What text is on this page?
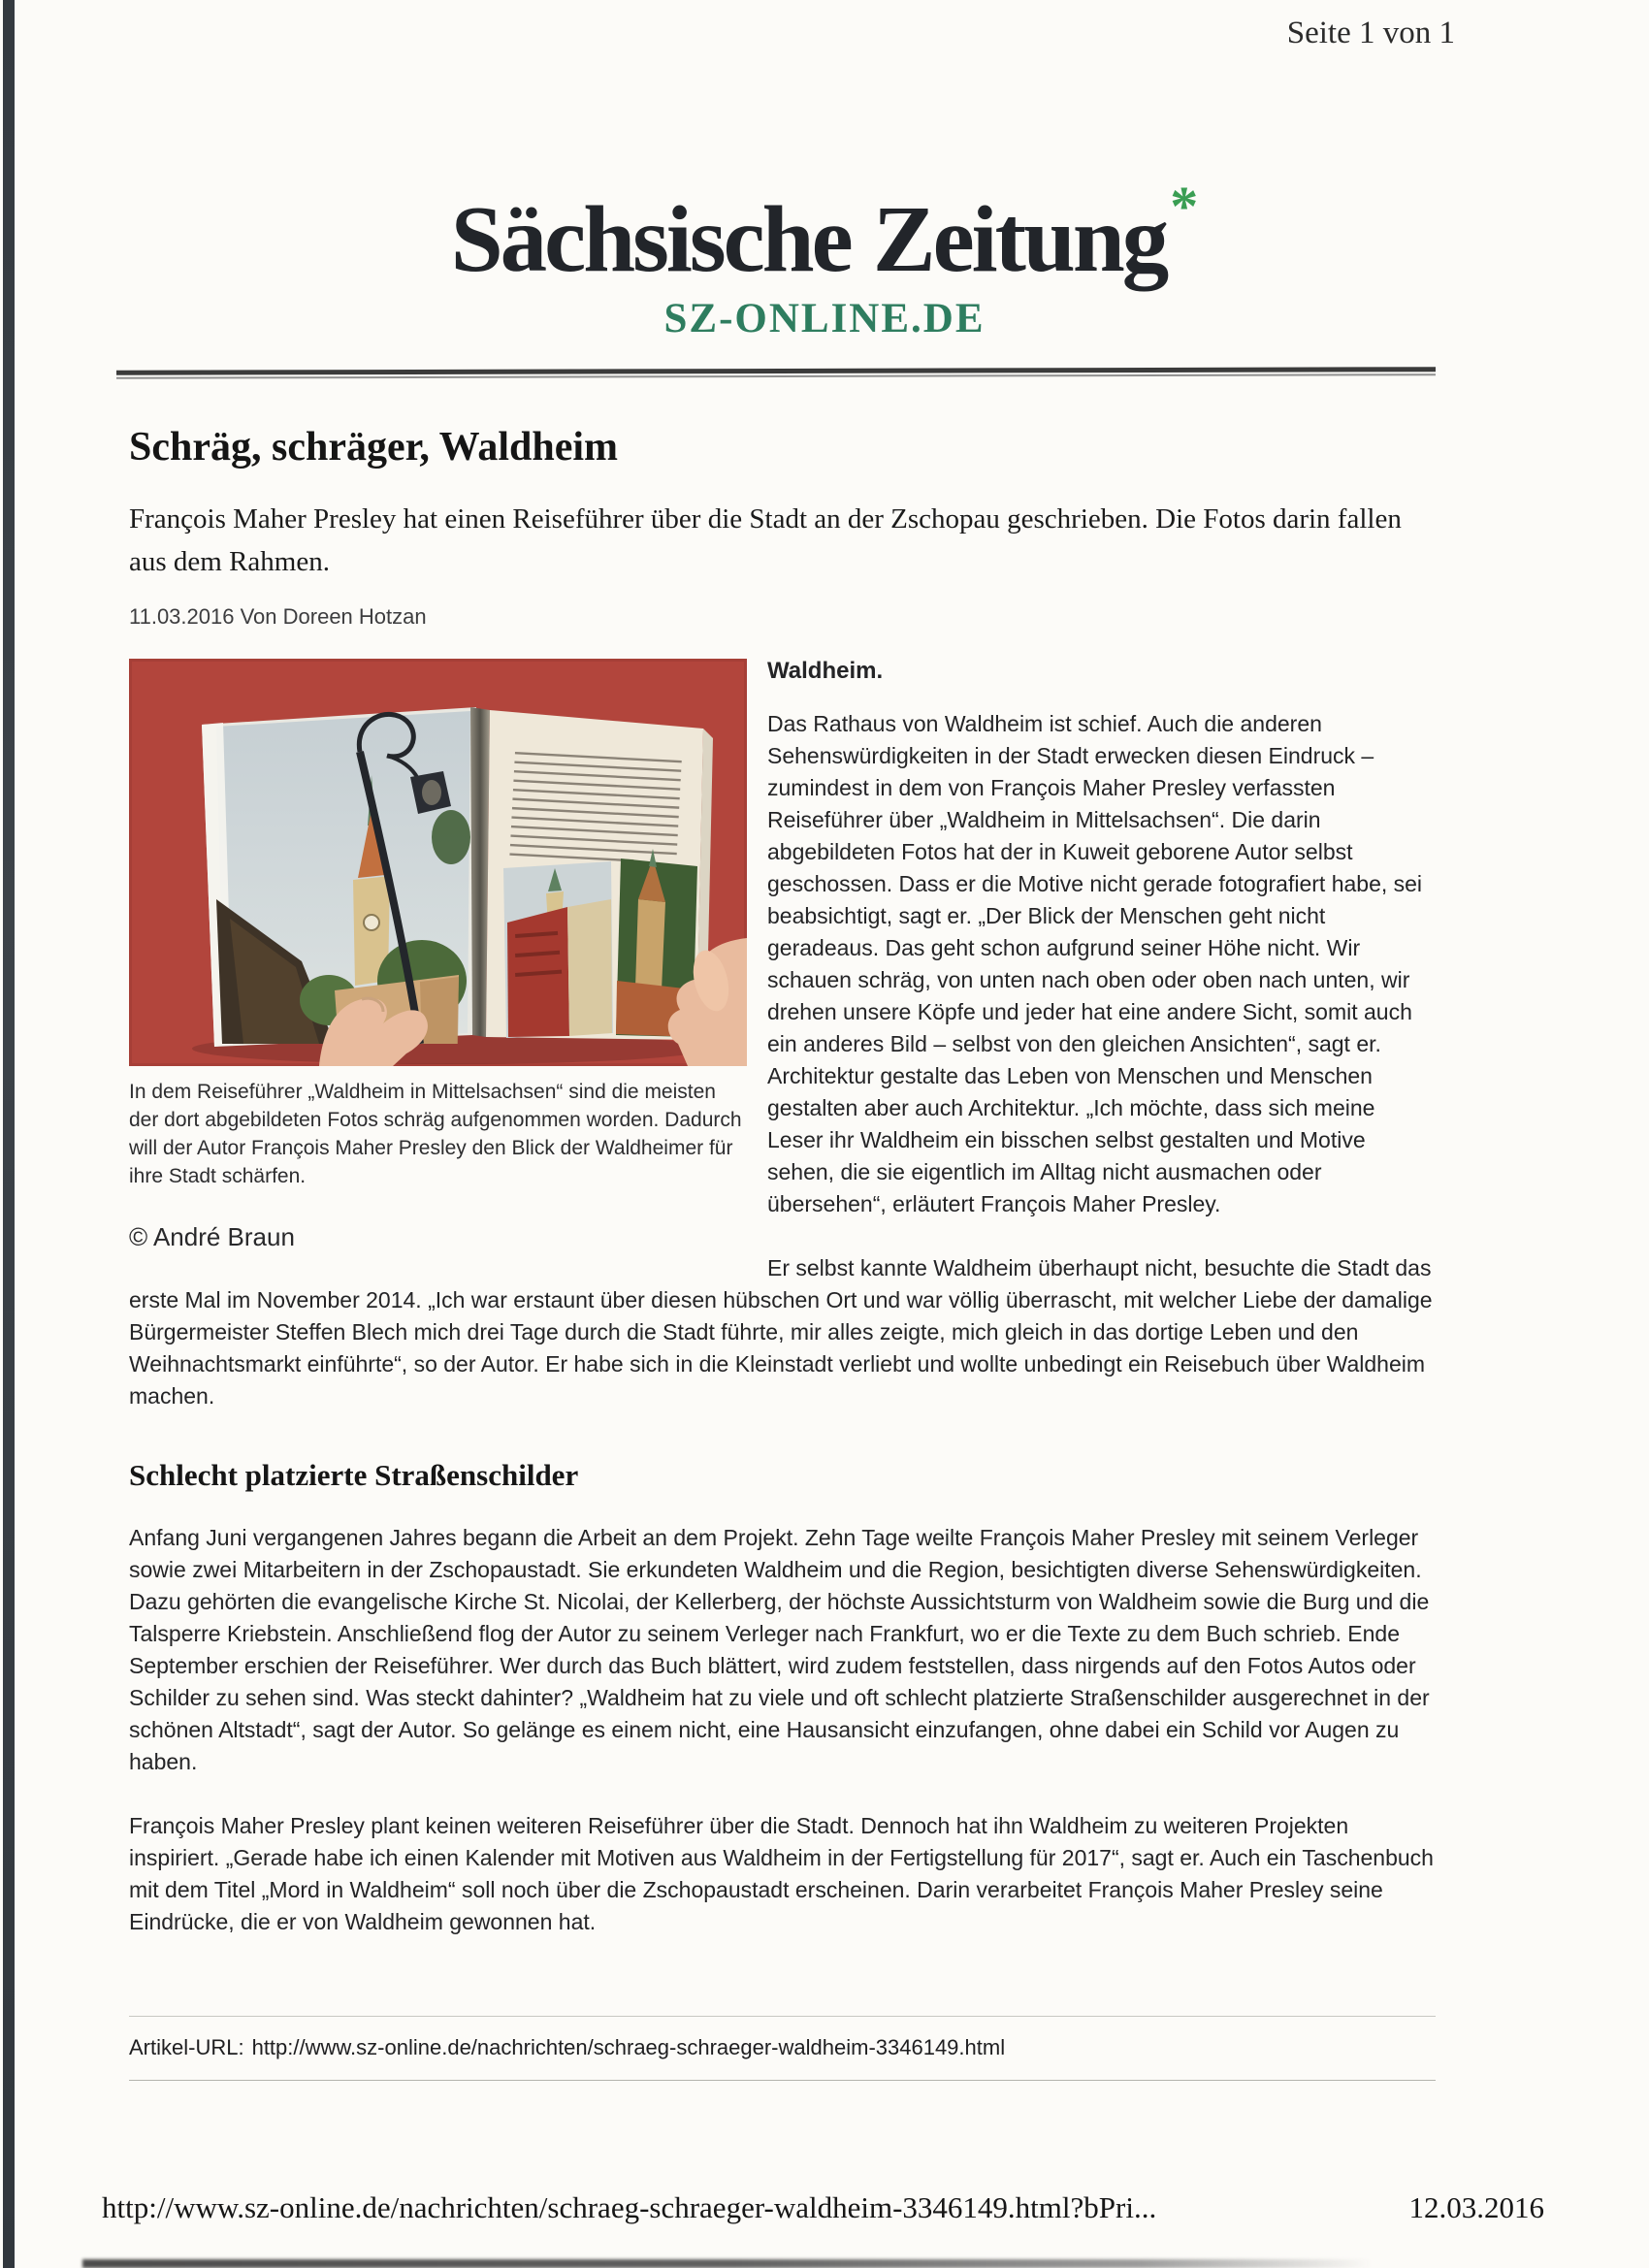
Seite 1 von 1
Sächsische Zeitung*
SZ-ONLINE.DE
Schräg, schräger, Waldheim
François Maher Presley hat einen Reiseführer über die Stadt an der Zschopau geschrieben. Die Fotos darin fallen aus dem Rahmen.
11.03.2016 Von Doreen Hotzan
In dem Reiseführer „Waldheim in Mittelsachsen“ sind die meisten der dort abgebildeten Fotos schräg aufgenommen worden. Dadurch will der Autor François Maher Presley den Blick der Waldheimer für ihre Stadt schärfen.
© André Braun
Waldheim.

Das Rathaus von Waldheim ist schief. Auch die anderen Sehenswürdigkeiten in der Stadt erwecken diesen Eindruck – zumindest in dem von François Maher Presley verfassten Reiseführer über „Waldheim in Mittelsachsen“. Die darin abgebildeten Fotos hat der in Kuweit geborene Autor selbst geschossen. Dass er die Motive nicht gerade fotografiert habe, sei beabsichtigt, sagt er. „Der Blick der Menschen geht nicht geradeaus. Das geht schon aufgrund seiner Höhe nicht. Wir schauen schräg, von unten nach oben oder oben nach unten, wir drehen unsere Köpfe und jeder hat eine andere Sicht, somit auch ein anderes Bild – selbst von den gleichen Ansichten“, sagt er. Architektur gestalte das Leben von Menschen und Menschen gestalten aber auch Architektur. „Ich möchte, dass sich meine Leser ihr Waldheim ein bisschen selbst gestalten und Motive sehen, die sie eigentlich im Alltag nicht ausmachen oder übersehen“, erläutert François Maher Presley.

Er selbst kannte Waldheim überhaupt nicht, besuchte die Stadt das erste Mal im November 2014. „Ich war erstaunt über diesen hübschen Ort und war völlig überrascht, mit welcher Liebe der damalige Bürgermeister Steffen Blech mich drei Tage durch die Stadt führte, mir alles zeigte, mich gleich in das dortige Leben und den Weihnachtsmarkt einführte“, so der Autor. Er habe sich in die Kleinstadt verliebt und wollte unbedingt ein Reisebuch über Waldheim machen.

Schlecht platzierte Straßenschilder

Anfang Juni vergangenen Jahres begann die Arbeit an dem Projekt. Zehn Tage weilte François Maher Presley mit seinem Verleger sowie zwei Mitarbeitern in der Zschopaustadt. Sie erkundeten Waldheim und die Region, besichtigten diverse Sehenswürdigkeiten. Dazu gehörten die evangelische Kirche St. Nicolai, der Kellerberg, der höchste Aussichtsturm von Waldheim sowie die Burg und die Talsperre Kriebstein. Anschließend flog der Autor zu seinem Verleger nach Frankfurt, wo er die Texte zu dem Buch schrieb. Ende September erschien der Reiseführer. Wer durch das Buch blättert, wird zudem feststellen, dass nirgends auf den Fotos Autos oder Schilder zu sehen sind. Was steckt dahinter? „Waldheim hat zu viele und oft schlecht platzierte Straßenschilder ausgerechnet in der schönen Altstadt“, sagt der Autor. So gelänge es einem nicht, eine Hausansicht einzufangen, ohne dabei ein Schild vor Augen zu haben.

François Maher Presley plant keinen weiteren Reiseführer über die Stadt. Dennoch hat ihn Waldheim zu weiteren Projekten inspiriert. „Gerade habe ich einen Kalender mit Motiven aus Waldheim in der Fertigstellung für 2017“, sagt er. Auch ein Taschenbuch mit dem Titel „Mord in Waldheim“ soll noch über die Zschopaustadt erscheinen. Darin verarbeitet François Maher Presley seine Eindrücke, die er von Waldheim gewonnen hat.

Artikel-URL: http://www.sz-online.de/nachrichten/schraeg-schraeger-waldheim-3346149.html
http://www.sz-online.de/nachrichten/schraeg-schraeger-waldheim-3346149.html?bPri...	12.03.2016
